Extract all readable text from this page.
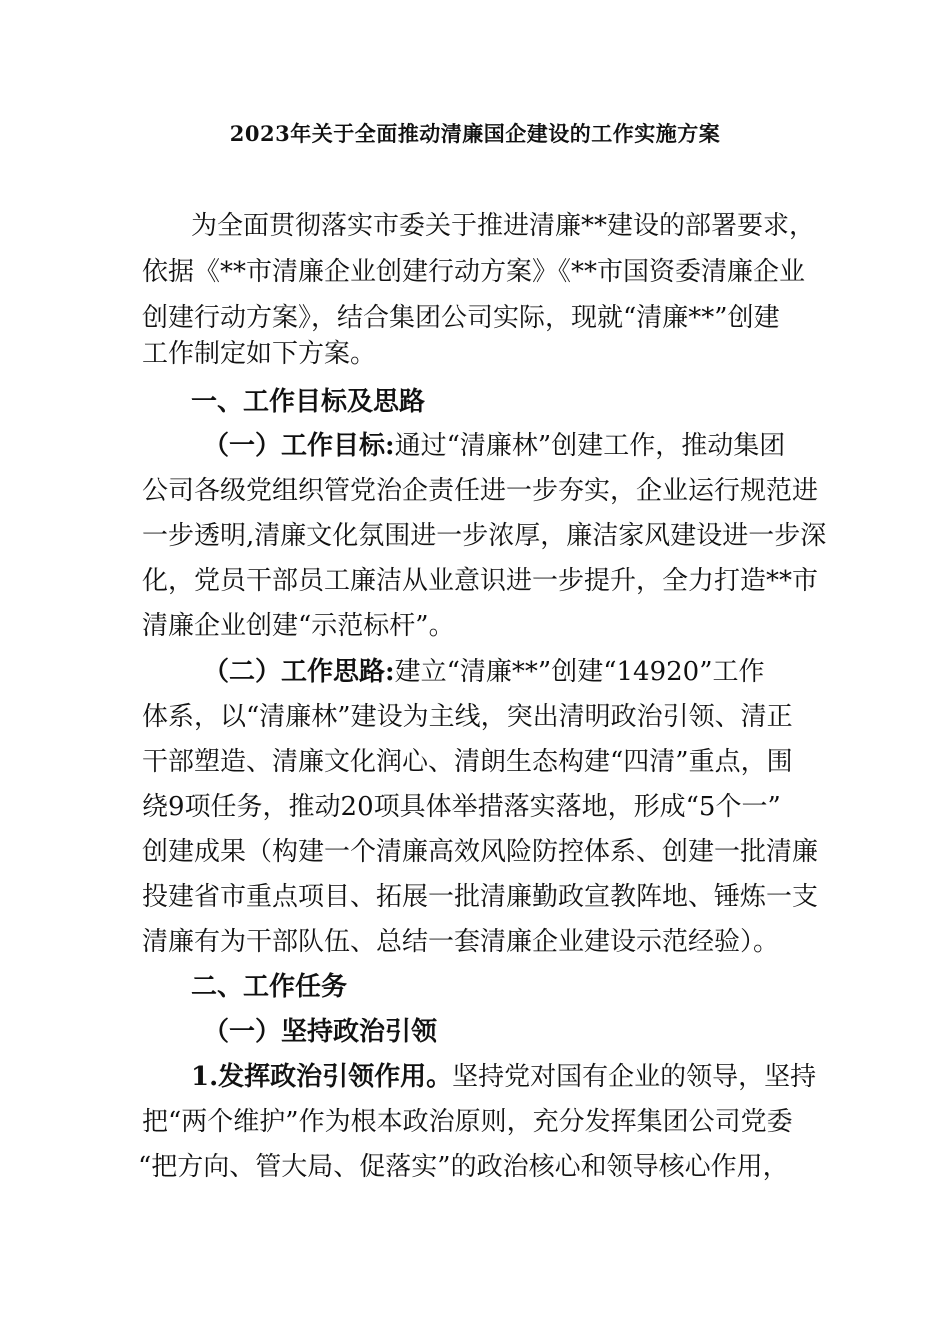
2023年关于全面推动清廉国企建设的工作实施方案
为全面贯彻落实市委关于推进清廉**建设的部署要求，
依据《**市清廉企业创建行动方案》《**市国资委清廉企业
创建行动方案》，结合集团公司实际，现就“清廉**”创建
工作制定如下方案。
一、工作目标及思路
（一）工作目标:通过“清廉林”创建工作，推动集团
公司各级党组织管党治企责任进一步夯实，企业运行规范进
一步透明,清廉文化氛围进一步浓厚，廉洁家风建设进一步深
化，党员干部员工廉洁从业意识进一步提升，全力打造**市
清廉企业创建“示范标杆”。
（二）工作思路:建立“清廉**”创建“14920”工作
体系，以“清廉林”建设为主线，突出清明政治引领、清正
干部塑造、清廉文化润心、清朗生态构建“四清”重点，围
绕9项任务，推动20项具体举措落实落地，形成“5个一”
创建成果（构建一个清廉高效风险防控体系、创建一批清廉
投建省市重点项目、拓展一批清廉勤政宣教阵地、锤炼一支
清廉有为干部队伍、总结一套清廉企业建设示范经验）。
二、工作任务
（一）坚持政治引领
1.发挥政治引领作用。坚持党对国有企业的领导，坚持
把“两个维护”作为根本政治原则，充分发挥集团公司党委
“把方向、管大局、促落实”的政治核心和领导核心作用，
